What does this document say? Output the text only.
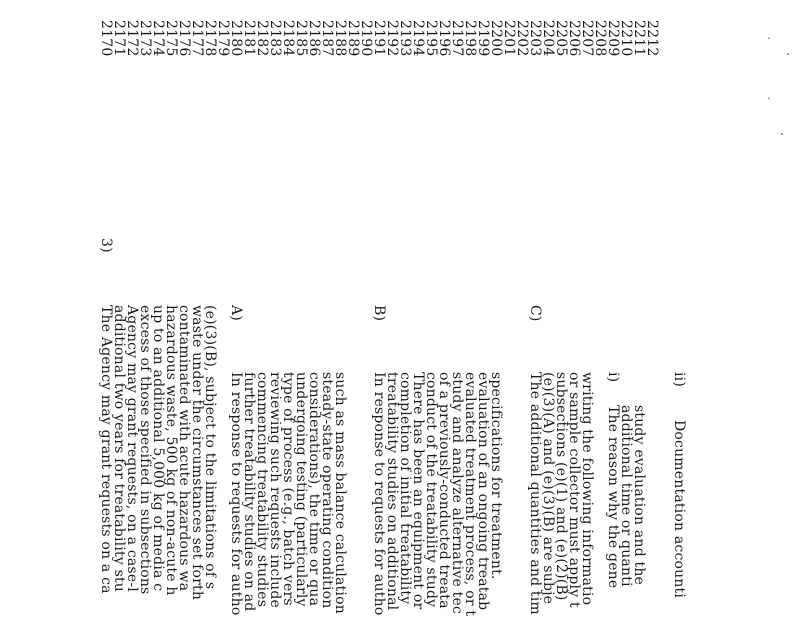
˙
.
˙
.
2170
2171
2172
2173
2174
2175
2176
2177
2178
2179
2180
2181
2182
2183
2184
2185
2186
2187
2188
2189
2190
2191
2192
2193
2194
2195
2196
2197
2198
2199
2200
2201
2202
2203
2204
2205
2206
2207
2208
2209
2210
2211
2212
3)
The Agency may grant requests on a ca
additional two years for treatability stu
Agency may grant requests, on a case-l
excess of those specified in subsections
up to an additional 5,000 kg of media c
hazardous waste, 500 kg of non-acute h
contaminated with acute hazardous wa
waste under the circumstances set forth
(e)(3)(B), subject to the limitations of s A)
In response to requests for autho
further treatability studies on ad
commencing treatability studies
reviewing such requests include
type of process (e.g., batch vers
undergoing testing (particularly
considerations), the time or qua
steady-state operating condition
such as mass balance calculation
B)
In response to requests for autho
treatability studies on additional
completion of initial treatability
There has been an equipment or
conduct of the treatability study
of a previously-conducted treata
study and analyze alternative tec
evaluated treatment process, or t
evaluation of an ongoing treatab
specifications for treatment.
C)
The additional quantities and tim
(e)(3)(A) and (e)(3)(B) are subje
subsections (e)(1) and (e)(2)(B)
or sample collector must apply t
writing the following informatio i)
The reason why the gene
additional time or quanti
study evaluation and the
ii)
Documentation accounti
